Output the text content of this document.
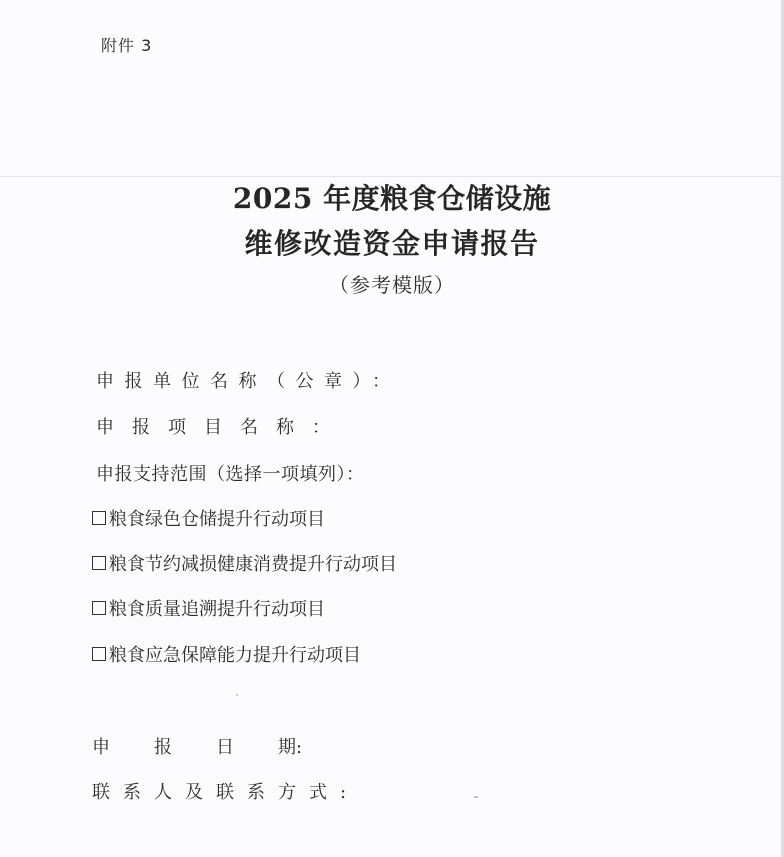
附件 3
2025 年度粮食仓储设施
维修改造资金申请报告
（参考模版）
申报单位名称（公章）：
申报项目名称：
申报支持范围（选择一项填列）：
粮食绿色仓储提升行动项目
粮食节约减损健康消费提升行动项目
粮食质量追溯提升行动项目
粮食应急保障能力提升行动项目
申 报 日 期:
联系人及联系方式:
